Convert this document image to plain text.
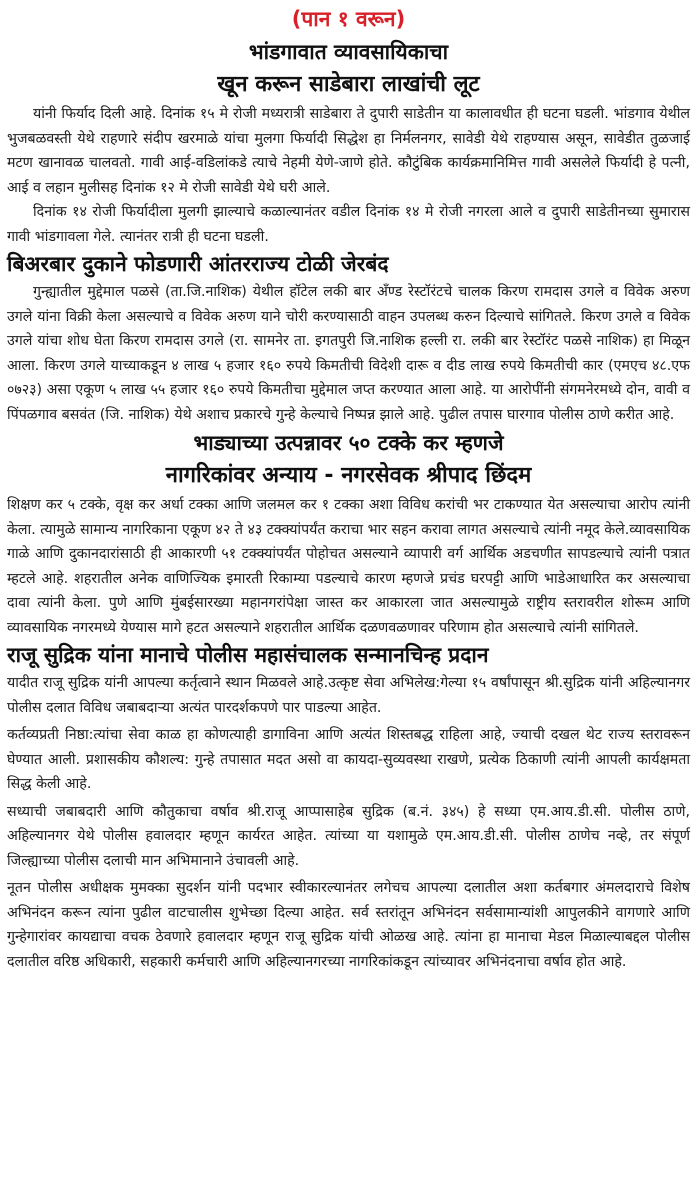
(पान १ वरून)
भांडगावात व्यावसायिकाचा
खून करून साडेबारा लाखांची लूट

यांनी फिर्याद दिली आहे. दिनांक १५ मे रोजी मध्यरात्री साडेबारा ते दुपारी साडेतीन या कालावधीत ही घटना घडली. भांडगाव येथील भुजबळवस्ती येथे राहणारे संदीप खरमाळे यांचा मुलगा फिर्यादी सिद्धेश हा निर्मलनगर, सावेडी येथे राहण्यास असून, सावेडीत तुळजाई मटण खानावळ चालवतो. गावी आई-वडिलांकडे त्याचे नेहमी येणे-जाणे होते. कौटुंबिक कार्यक्रमानिमित्त गावी असलेले फिर्यादी हे पत्नी, आई व लहान मुलीसह दिनांक १२ मे रोजी सावेडी येथे घरी आले.

दिनांक १४ रोजी फिर्यादीला मुलगी झाल्याचे कळाल्यानंतर वडील दिनांक १४ मे रोजी नगरला आले व दुपारी साडेतीनच्या सुमारास गावी भांडगावला गेले. त्यानंतर रात्री ही घटना घडली.

बिअरबार दुकाने फोडणारी आंतरराज्य टोळी जेरबंद

गुन्ह्यातील मुद्देमाल पळसे (ता.जि.नाशिक) येथील हॉटेल लकी बार अँण्ड रेस्टॉरंटचे चालक किरण रामदास उगले व विवेक अरुण उगले यांना विक्री केला असल्याचे व विवेक अरुण याने चोरी करण्यासाठी वाहन उपलब्ध करुन दिल्याचे सांगितले. किरण उगले व विवेक उगले यांचा शोध घेता किरण रामदास उगले (रा. सामनेर ता. इगतपुरी जि.नाशिक हल्ली रा. लकी बार रेस्टॉरंट पळसे नाशिक) हा मिळून आला. किरण उगले याच्याकडून ४ लाख ५ हजार १६० रुपये किमतीची विदेशी दारू व दीड लाख रुपये किमतीची कार (एमएच ४८.एफ ०७२३) असा एकूण ५ लाख ५५ हजार १६० रुपये किमतीचा मुद्देमाल जप्त करण्यात आला आहे. या आरोपींनी संगमनेरमध्ये दोन, वावी व पिंपळगाव बसवंत (जि. नाशिक) येथे अशाच प्रकारचे गुन्हे केल्याचे निष्पन्न झाले आहे. पुढील तपास घारगाव पोलीस ठाणे करीत आहे.

भाड्याच्या उत्पन्नावर ५० टक्के कर म्हणजे
नागरिकांवर अन्याय - नगरसेवक श्रीपाद छिंदम

शिक्षण कर ५ टक्के, वृक्ष कर अर्धा टक्का आणि जलमल कर १ टक्का अशा विविध करांची भर टाकण्यात येत असल्याचा आरोप त्यांनी केला. त्यामुळे सामान्य नागरिकाना एकूण ४२ ते ४३ टक्क्यांपर्यंत कराचा भार सहन करावा लागत असल्याचे त्यांनी नमूद केले.व्यावसायिक गाळे आणि दुकानदारांसाठी ही आकारणी ५१ टक्क्यांपर्यंत पोहोचत असल्याने व्यापारी वर्ग आर्थिक अडचणीत सापडल्याचे त्यांनी पत्रात म्हटले आहे. शहरातील अनेक वाणिज्यिक इमारती रिकाम्या पडल्याचे कारण म्हणजे प्रचंड घरपट्टी आणि भाडेआधारित कर असल्याचा दावा त्यांनी केला. पुणे आणि मुंबईसारख्या महानगरांपेक्षा जास्त कर आकारला जात असल्यामुळे राष्ट्रीय स्तरावरील शोरूम आणि व्यावसायिक नगरमध्ये येण्यास मागे हटत असल्याने शहरातील आर्थिक दळणवळणावर परिणाम होत असल्याचे त्यांनी सांगितले.

राजू सुद्रिक यांना मानाचे पोलीस महासंचालक सन्मानचिन्ह प्रदान

यादीत राजू सुद्रिक यांनी आपल्या कर्तृत्वाने स्थान मिळवले आहे.उत्कृष्ट सेवा अभिलेख:गेल्या १५ वर्षांपासून श्री.सुद्रिक यांनी अहिल्यानगर पोलीस दलात विविध जबाबदाऱ्या अत्यंत पारदर्शकपणे पार पाडल्या आहेत.

कर्तव्यप्रती निष्ठा:त्यांचा सेवा काळ हा कोणत्याही डागाविना आणि अत्यंत शिस्तबद्ध राहिला आहे, ज्याची दखल थेट राज्य स्तरावरून घेण्यात आली. प्रशासकीय कौशल्य: गुन्हे तपासात मदत असो वा कायदा-सुव्यवस्था राखणे, प्रत्येक ठिकाणी त्यांनी आपली कार्यक्षमता सिद्ध केली आहे.

सध्याची जबाबदारी आणि कौतुकाचा वर्षाव श्री.राजू आप्पासाहेब सुद्रिक (ब.नं. ३४५) हे सध्या एम.आय.डी.सी. पोलीस ठाणे, अहिल्यानगर येथे पोलीस हवालदार म्हणून कार्यरत आहेत. त्यांच्या या यशामुळे एम.आय.डी.सी. पोलीस ठाणेच नव्हे, तर संपूर्ण जिल्ह्याच्या पोलीस दलाची मान अभिमानाने उंचावली आहे.

नूतन पोलीस अधीक्षक मुमक्का सुदर्शन यांनी पदभार स्वीकारल्यानंतर लगेचच आपल्या दलातील अशा कर्तबगार अंमलदाराचे विशेष अभिनंदन करून त्यांना पुढील वाटचालीस शुभेच्छा दिल्या आहेत. सर्व स्तरांतून अभिनंदन सर्वसामान्यांशी आपुलकीने वागणारे आणि गुन्हेगारांवर कायद्याचा वचक ठेवणारे हवालदार म्हणून राजू सुद्रिक यांची ओळख आहे. त्यांना हा मानाचा मेडल मिळाल्याबद्दल पोलीस दलातील वरिष्ठ अधिकारी, सहकारी कर्मचारी आणि अहिल्यानगरच्या नागरिकांकडून त्यांच्यावर अभिनंदनाचा वर्षाव होत आहे.
